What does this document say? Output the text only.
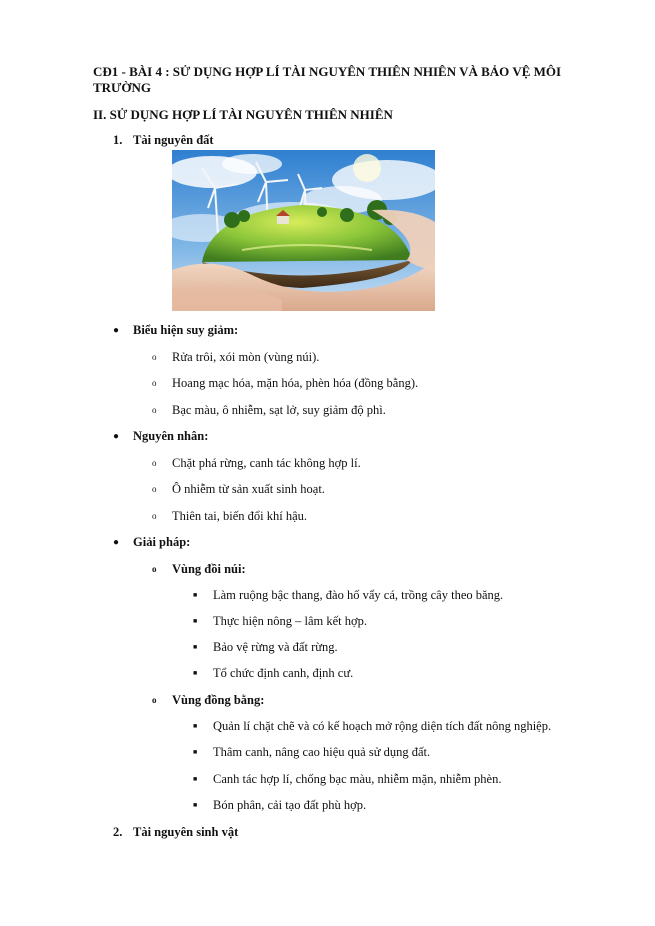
CĐ1 - BÀI 4 : SỬ DỤNG HỢP LÍ TÀI NGUYÊN THIÊN NHIÊN VÀ BẢO VỆ MÔI TRƯỜNG
II. SỬ DỤNG HỢP LÍ TÀI NGUYÊN THIÊN NHIÊN
1. Tài nguyên đất
● Biểu hiện suy giảm:
o Rửa trôi, xói mòn (vùng núi).
o Hoang mạc hóa, mặn hóa, phèn hóa (đồng bằng).
o Bạc màu, ô nhiễm, sạt lở, suy giảm độ phì.
● Nguyên nhân:
o Chặt phá rừng, canh tác không hợp lí.
o Ô nhiễm từ sản xuất sinh hoạt.
o Thiên tai, biến đổi khí hậu.
● Giải pháp:
o Vùng đồi núi:
■ Làm ruộng bậc thang, đào hố vẩy cá, trồng cây theo băng.
■ Thực hiện nông – lâm kết hợp.
■ Bảo vệ rừng và đất rừng.
■ Tổ chức định canh, định cư.
o Vùng đồng bằng:
■ Quản lí chặt chẽ và có kế hoạch mở rộng diện tích đất nông nghiệp.
■ Thâm canh, nâng cao hiệu quả sử dụng đất.
■ Canh tác hợp lí, chống bạc màu, nhiễm mặn, nhiễm phèn.
■ Bón phân, cải tạo đất phù hợp.
2. Tài nguyên sinh vật
